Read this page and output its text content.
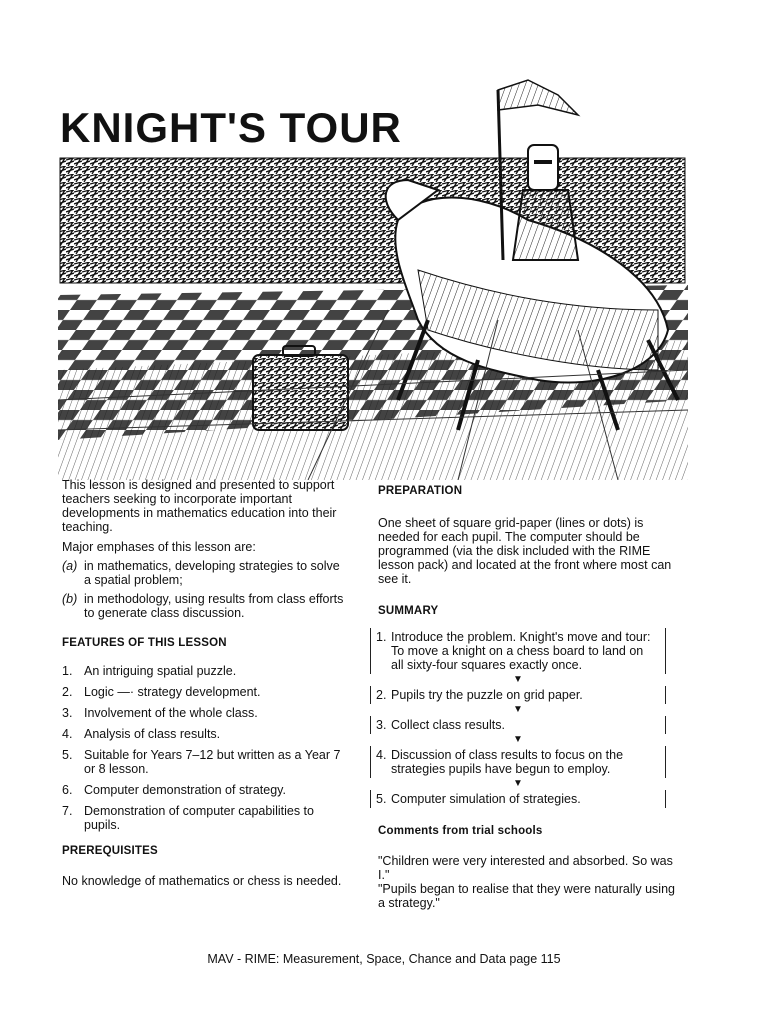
KNIGHT'S TOUR

This lesson is designed and presented to support teachers seeking to incorporate important developments in mathematics education into their teaching.

Major emphases of this lesson are:

(a) in mathematics, developing strategies to solve a spatial problem;
(b) in methodology, using results from class efforts to generate class discussion.

FEATURES OF THIS LESSON

1. An intriguing spatial puzzle.
2. Logic —· strategy development.
3. Involvement of the whole class.
4. Analysis of class results.
5. Suitable for Years 7–12 but written as a Year 7 or 8 lesson.
6. Computer demonstration of strategy.
7. Demonstration of computer capabilities to pupils.

PREREQUISITES

No knowledge of mathematics or chess is needed.

PREPARATION

One sheet of square grid-paper (lines or dots) is needed for each pupil. The computer should be programmed (via the disk included with the RIME lesson pack) and located at the front where most can see it.

SUMMARY

1. Introduce the problem. Knight's move and tour: To move a knight on a chess board to land on all sixty-four squares exactly once.
▼
2. Pupils try the puzzle on grid paper.
▼
3. Collect class results.
▼
4. Discussion of class results to focus on the strategies pupils have begun to employ.
▼
5. Computer simulation of strategies.

Comments from trial schools

"Children were very interested and absorbed. So was I."

"Pupils began to realise that they were naturally using a strategy."

MAV - RIME: Measurement, Space, Chance and Data page 115
